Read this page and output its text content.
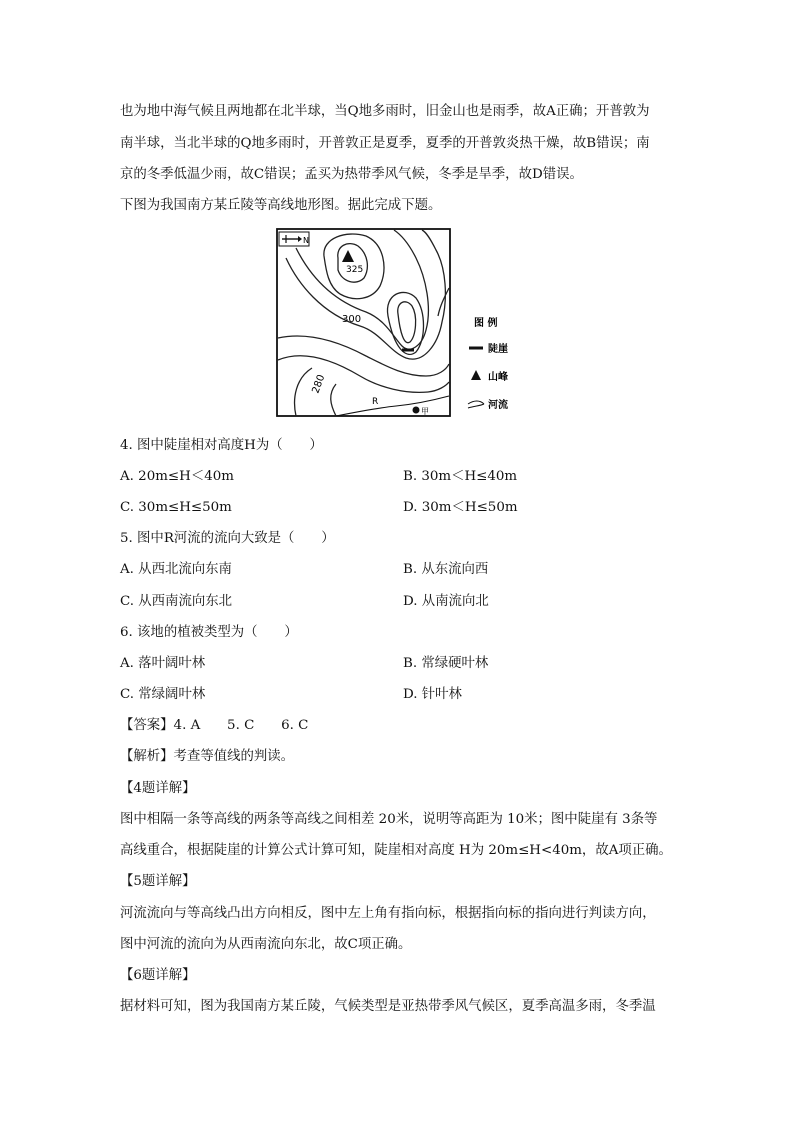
也为地中海气候且两地都在北半球，当Q地多雨时，旧金山也是雨季，故A正确；开普敦为
南半球，当北半球的Q地多雨时，开普敦正是夏季，夏季的开普敦炎热干燥，故B错误；南
京的冬季低温少雨，故C错误；孟买为热带季风气候，冬季是旱季，故D错误。
下图为我国南方某丘陵等高线地形图。据此完成下题。
N
甲
325
300
280
R
图 例
陡崖
山峰
河流
4. 图中陡崖相对高度H为（　　）
A. 20m≤H＜40m	B. 30m＜H≤40m
C. 30m≤H≤50m	D. 30m＜H≤50m
5. 图中R河流的流向大致是（　　）
A. 从西北流向东南	B. 从东流向西
C. 从西南流向东北	D. 从南流向北
6. 该地的植被类型为（　　）
A. 落叶阔叶林	B. 常绿硬叶林
C. 常绿阔叶林	D. 针叶林
【答案】4. A　　5. C　　6. C
【解析】考查等值线的判读。
【4题详解】
图中相隔一条等高线的两条等高线之间相差 20米，说明等高距为 10米；图中陡崖有 3条等
高线重合，根据陡崖的计算公式计算可知，陡崖相对高度 H为 20m≤H<40m，故A项正确。
【5题详解】
河流流向与等高线凸出方向相反，图中左上角有指向标，根据指向标的指向进行判读方向，
图中河流的流向为从西南流向东北，故C项正确。
【6题详解】
据材料可知，图为我国南方某丘陵，气候类型是亚热带季风气候区，夏季高温多雨，冬季温
